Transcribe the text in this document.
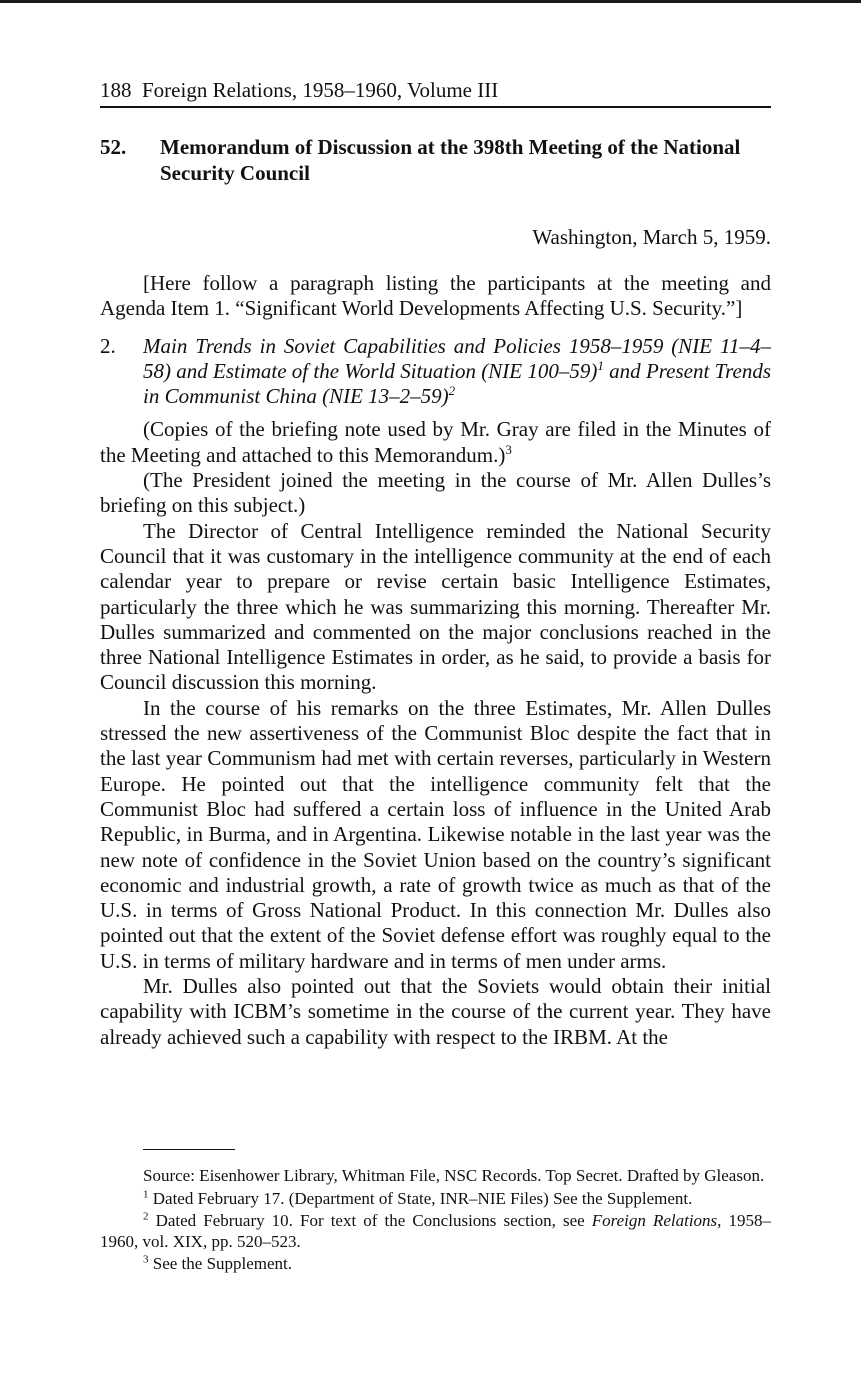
188 Foreign Relations, 1958–1960, Volume III
52. Memorandum of Discussion at the 398th Meeting of the National Security Council
Washington, March 5, 1959.

[Here follow a paragraph listing the participants at the meeting and Agenda Item 1. “Significant World Developments Affecting U.S. Security.”]

2. Main Trends in Soviet Capabilities and Policies 1958–1959 (NIE 11–4–58) and Estimate of the World Situation (NIE 100–59)$^1$ and Present Trends in Communist China (NIE 13–2–59)$^2$

(Copies of the briefing note used by Mr. Gray are filed in the Minutes of the Meeting and attached to this Memorandum.)$^3$

(The President joined the meeting in the course of Mr. Allen Dulles’s briefing on this subject.)

The Director of Central Intelligence reminded the National Security Council that it was customary in the intelligence community at the end of each calendar year to prepare or revise certain basic Intelligence Estimates, particularly the three which he was summarizing this morning. Thereafter Mr. Dulles summarized and commented on the major conclusions reached in the three National Intelligence Estimates in order, as he said, to provide a basis for Council discussion this morning.

In the course of his remarks on the three Estimates, Mr. Allen Dulles stressed the new assertiveness of the Communist Bloc despite the fact that in the last year Communism had met with certain reverses, particularly in Western Europe. He pointed out that the intelligence community felt that the Communist Bloc had suffered a certain loss of influence in the United Arab Republic, in Burma, and in Argentina. Likewise notable in the last year was the new note of confidence in the Soviet Union based on the country’s significant economic and industrial growth, a rate of growth twice as much as that of the U.S. in terms of Gross National Product. In this connection Mr. Dulles also pointed out that the extent of the Soviet defense effort was roughly equal to the U.S. in terms of military hardware and in terms of men under arms.

Mr. Dulles also pointed out that the Soviets would obtain their initial capability with ICBM’s sometime in the course of the current year. They have already achieved such a capability with respect to the IRBM. At the

Source: Eisenhower Library, Whitman File, NSC Records. Top Secret. Drafted by Gleason.

$^1$ Dated February 17. (Department of State, INR–NIE Files) See the Supplement.

$^2$ Dated February 10. For text of the Conclusions section, see Foreign Relations, 1958–1960, vol. XIX, pp. 520–523.

$^3$ See the Supplement.
